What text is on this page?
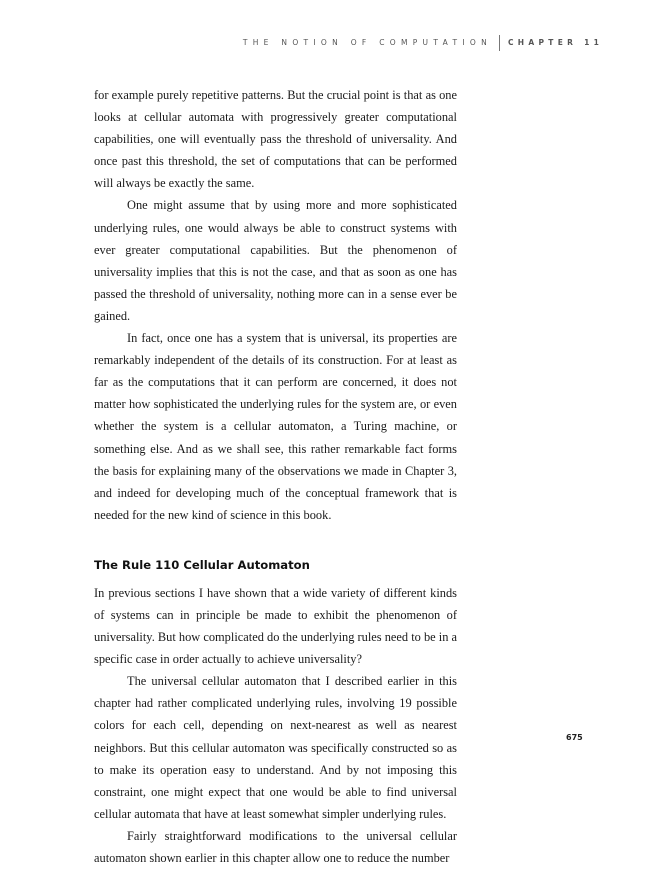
THE NOTION OF COMPUTATION CHAPTER 11

for example purely repetitive patterns. But the crucial point is that as one looks at cellular automata with progressively greater computational capabilities, one will eventually pass the threshold of universality. And once past this threshold, the set of computations that can be performed will always be exactly the same.

One might assume that by using more and more sophisticated underlying rules, one would always be able to construct systems with ever greater computational capabilities. But the phenomenon of universality implies that this is not the case, and that as soon as one has passed the threshold of universality, nothing more can in a sense ever be gained.

In fact, once one has a system that is universal, its properties are remarkably independent of the details of its construction. For at least as far as the computations that it can perform are concerned, it does not matter how sophisticated the underlying rules for the system are, or even whether the system is a cellular automaton, a Turing machine, or something else. And as we shall see, this rather remarkable fact forms the basis for explaining many of the observations we made in Chapter 3, and indeed for developing much of the conceptual framework that is needed for the new kind of science in this book.

The Rule 110 Cellular Automaton

In previous sections I have shown that a wide variety of different kinds of systems can in principle be made to exhibit the phenomenon of universality. But how complicated do the underlying rules need to be in a specific case in order actually to achieve universality?

The universal cellular automaton that I described earlier in this chapter had rather complicated underlying rules, involving 19 possible colors for each cell, depending on next-nearest as well as nearest neighbors. But this cellular automaton was specifically constructed so as to make its operation easy to understand. And by not imposing this constraint, one might expect that one would be able to find universal cellular automata that have at least somewhat simpler underlying rules.

Fairly straightforward modifications to the universal cellular automaton shown earlier in this chapter allow one to reduce the number

675
